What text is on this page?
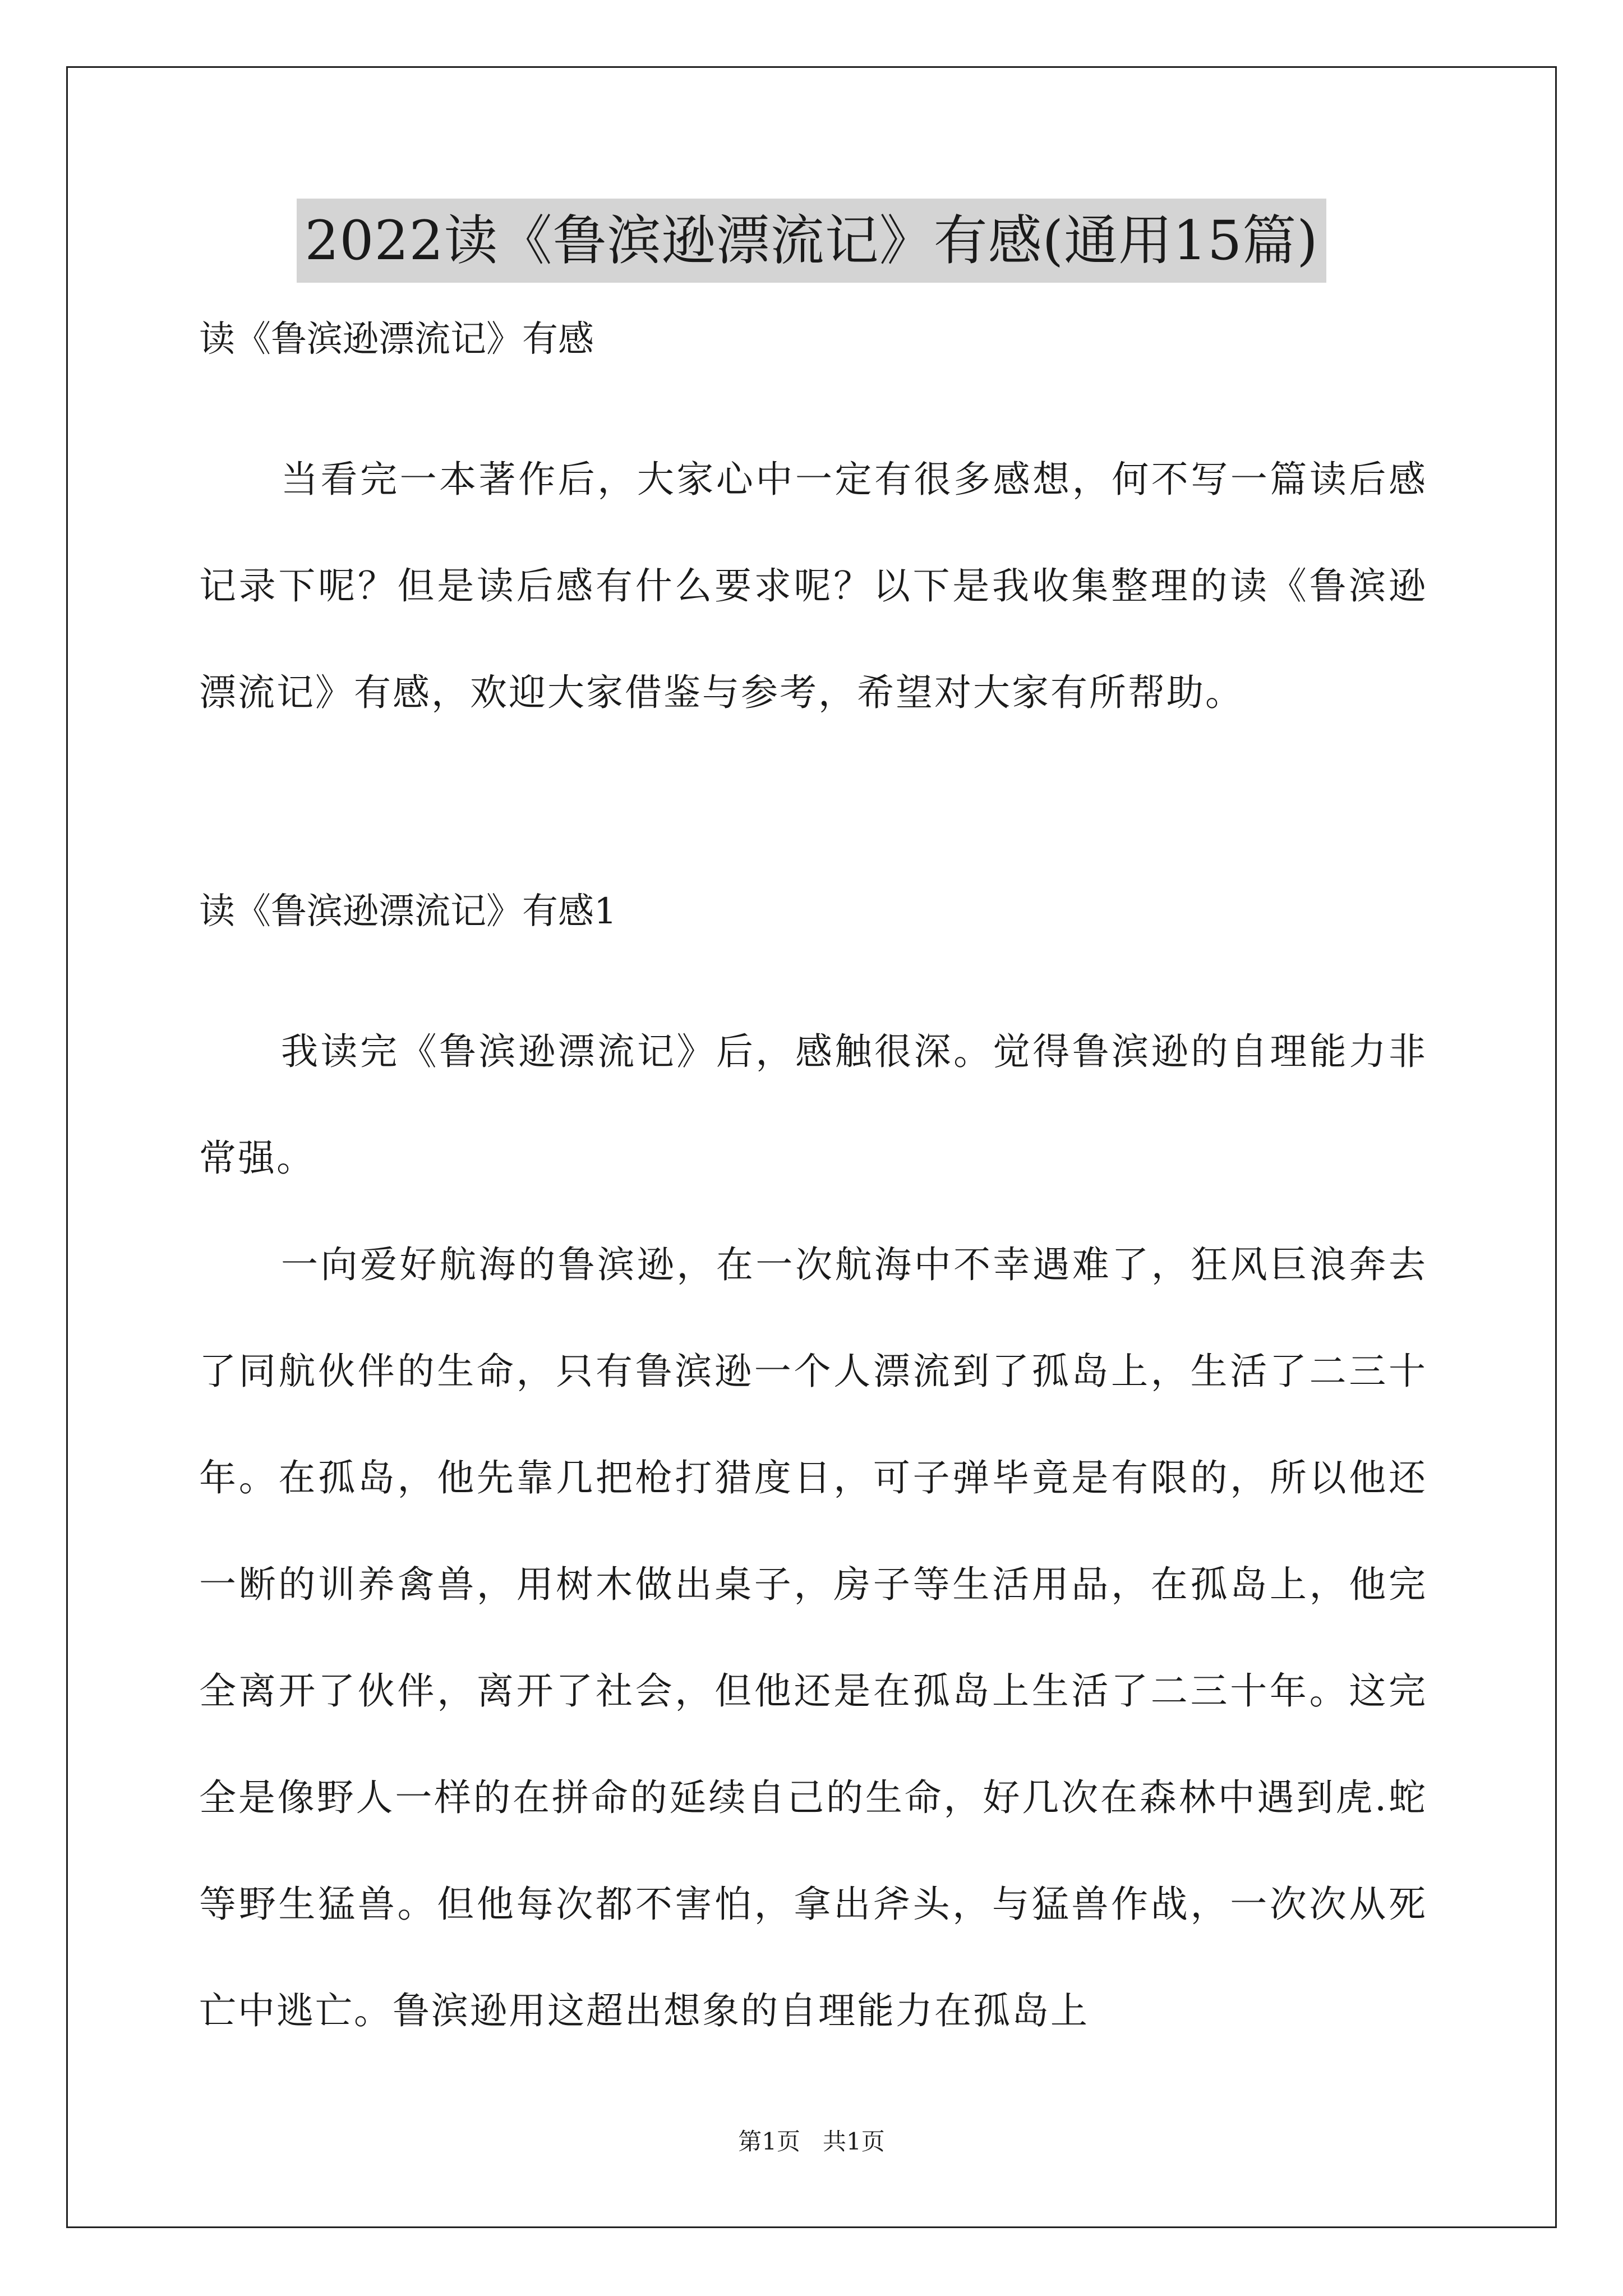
2022读《鲁滨逊漂流记》有感(通用15篇)

读《鲁滨逊漂流记》有感

当看完一本著作后，大家心中一定有很多感想，何不写一篇读后感记录下呢？但是读后感有什么要求呢？以下是我收集整理的读《鲁滨逊漂流记》有感，欢迎大家借鉴与参考，希望对大家有所帮助。

读《鲁滨逊漂流记》有感1

我读完《鲁滨逊漂流记》后，感触很深。觉得鲁滨逊的自理能力非常强。

一向爱好航海的鲁滨逊，在一次航海中不幸遇难了，狂风巨浪奔去了同航伙伴的生命，只有鲁滨逊一个人漂流到了孤岛上，生活了二三十年。在孤岛，他先靠几把枪打猎度日，可子弹毕竟是有限的，所以他还一断的训养禽兽，用树木做出桌子，房子等生活用品，在孤岛上，他完全离开了伙伴，离开了社会，但他还是在孤岛上生活了二三十年。这完全是像野人一样的在拼命的延续自己的生命，好几次在森林中遇到虎.蛇等野生猛兽。但他每次都不害怕，拿出斧头，与猛兽作战，一次次从死亡中逃亡。鲁滨逊用这超出想象的自理能力在孤岛上

第1页   共1页
